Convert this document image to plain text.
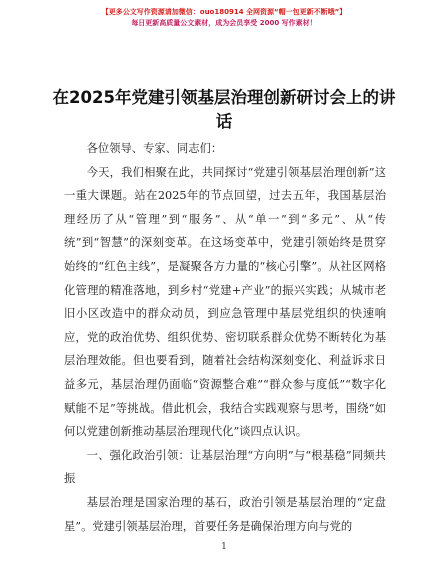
【更多公文写作资源请加微信：ouo180914 全网资源“帽一包更新不断哦”】
每日更新高质量公文素材，成为会员享受 2000 写作素材！
在2025年党建引领基层治理创新研讨会上的讲话

各位领导、专家、同志们：

今天，我们相聚在此，共同探讨“党建引领基层治理创新”这一重大课题。站在2025年的节点回望，过去五年，我国基层治理经历了从“管理”到“服务”、从“单一”到“多元”、从“传统”到“智慧”的深刻变革。在这场变革中，党建引领始终是贯穿始终的“红色主线”，是凝聚各方力量的“核心引擎”。从社区网格化管理的精准落地，到乡村“党建+产业”的振兴实践；从城市老旧小区改造中的群众动员，到应急管理中基层党组织的快速响应，党的政治优势、组织优势、密切联系群众优势不断转化为基层治理效能。但也要看到，随着社会结构深刻变化、利益诉求日益多元，基层治理仍面临“资源整合难”“群众参与度低”“数字化赋能不足”等挑战。借此机会，我结合实践观察与思考，围绕“如何以党建创新推动基层治理现代化”谈四点认识。

一、强化政治引领：让基层治理“方向明”与“根基稳”同频共振

基层治理是国家治理的基石，政治引领是基层治理的“定盘星”。党建引领基层治理，首要任务是确保治理方向与党的

1
